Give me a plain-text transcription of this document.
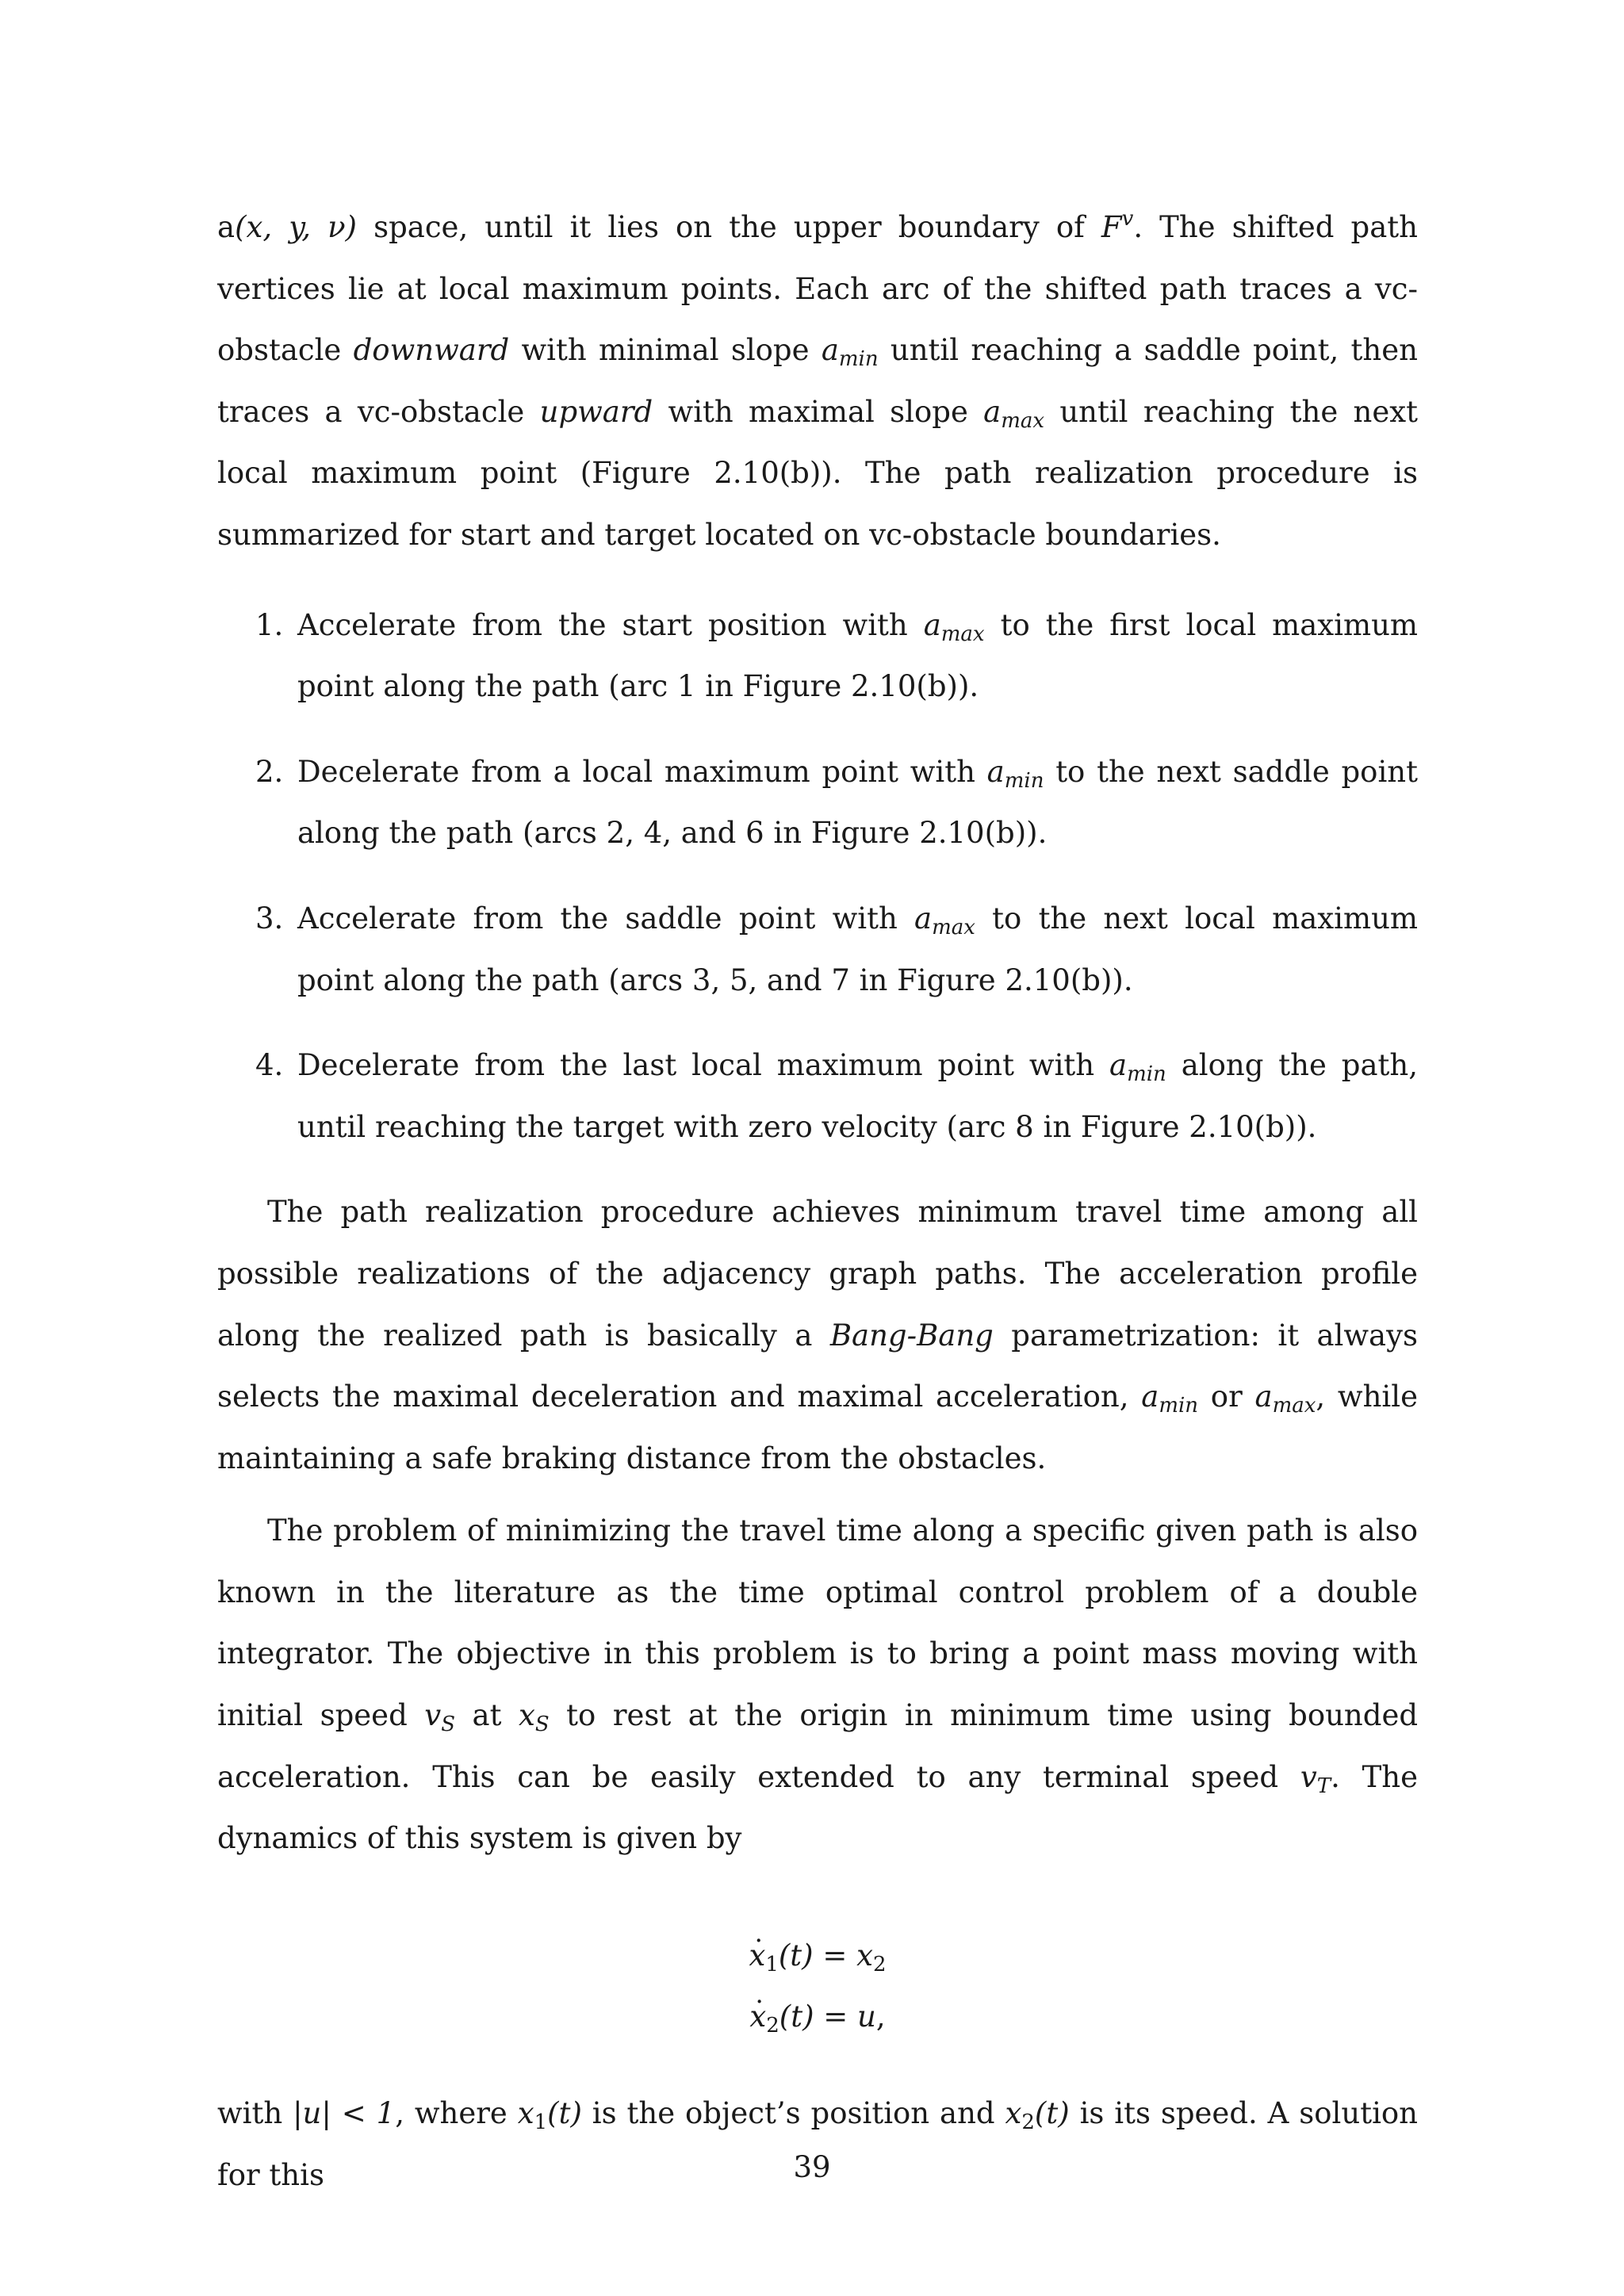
a(x, y, ν) space, until it lies on the upper boundary of $F^v$. The shifted path vertices lie at local maximum points. Each arc of the shifted path traces a vc-obstacle downward with minimal slope $a_{min}$ until reaching a saddle point, then traces a vc-obstacle upward with maximal slope $a_{max}$ until reaching the next local maximum point (Figure 2.10(b)). The path realization procedure is summarized for start and target located on vc-obstacle boundaries.

1. Accelerate from the start position with $a_{max}$ to the first local maximum point along the path (arc 1 in Figure 2.10(b)).
2. Decelerate from a local maximum point with $a_{min}$ to the next saddle point along the path (arcs 2, 4, and 6 in Figure 2.10(b)).
3. Accelerate from the saddle point with $a_{max}$ to the next local maximum point along the path (arcs 3, 5, and 7 in Figure 2.10(b)).
4. Decelerate from the last local maximum point with $a_{min}$ along the path, until reaching the target with zero velocity (arc 8 in Figure 2.10(b)).

The path realization procedure achieves minimum travel time among all possible realizations of the adjacency graph paths. The acceleration profile along the realized path is basically a Bang-Bang parametrization: it always selects the maximal deceleration and maximal acceleration, $a_{min}$ or $a_{max}$, while maintaining a safe braking distance from the obstacles.

The problem of minimizing the travel time along a specific given path is also known in the literature as the time optimal control problem of a double integrator. The objective in this problem is to bring a point mass moving with initial speed $v_S$ at $x_S$ to rest at the origin in minimum time using bounded acceleration. This can be easily extended to any terminal speed $v_T$. The dynamics of this system is given by

˙ x1(t) = x2

˙ x2(t) = u,

with |u| < 1, where x1(t) is the object’s position and x2(t) is its speed. A solution for this	39
